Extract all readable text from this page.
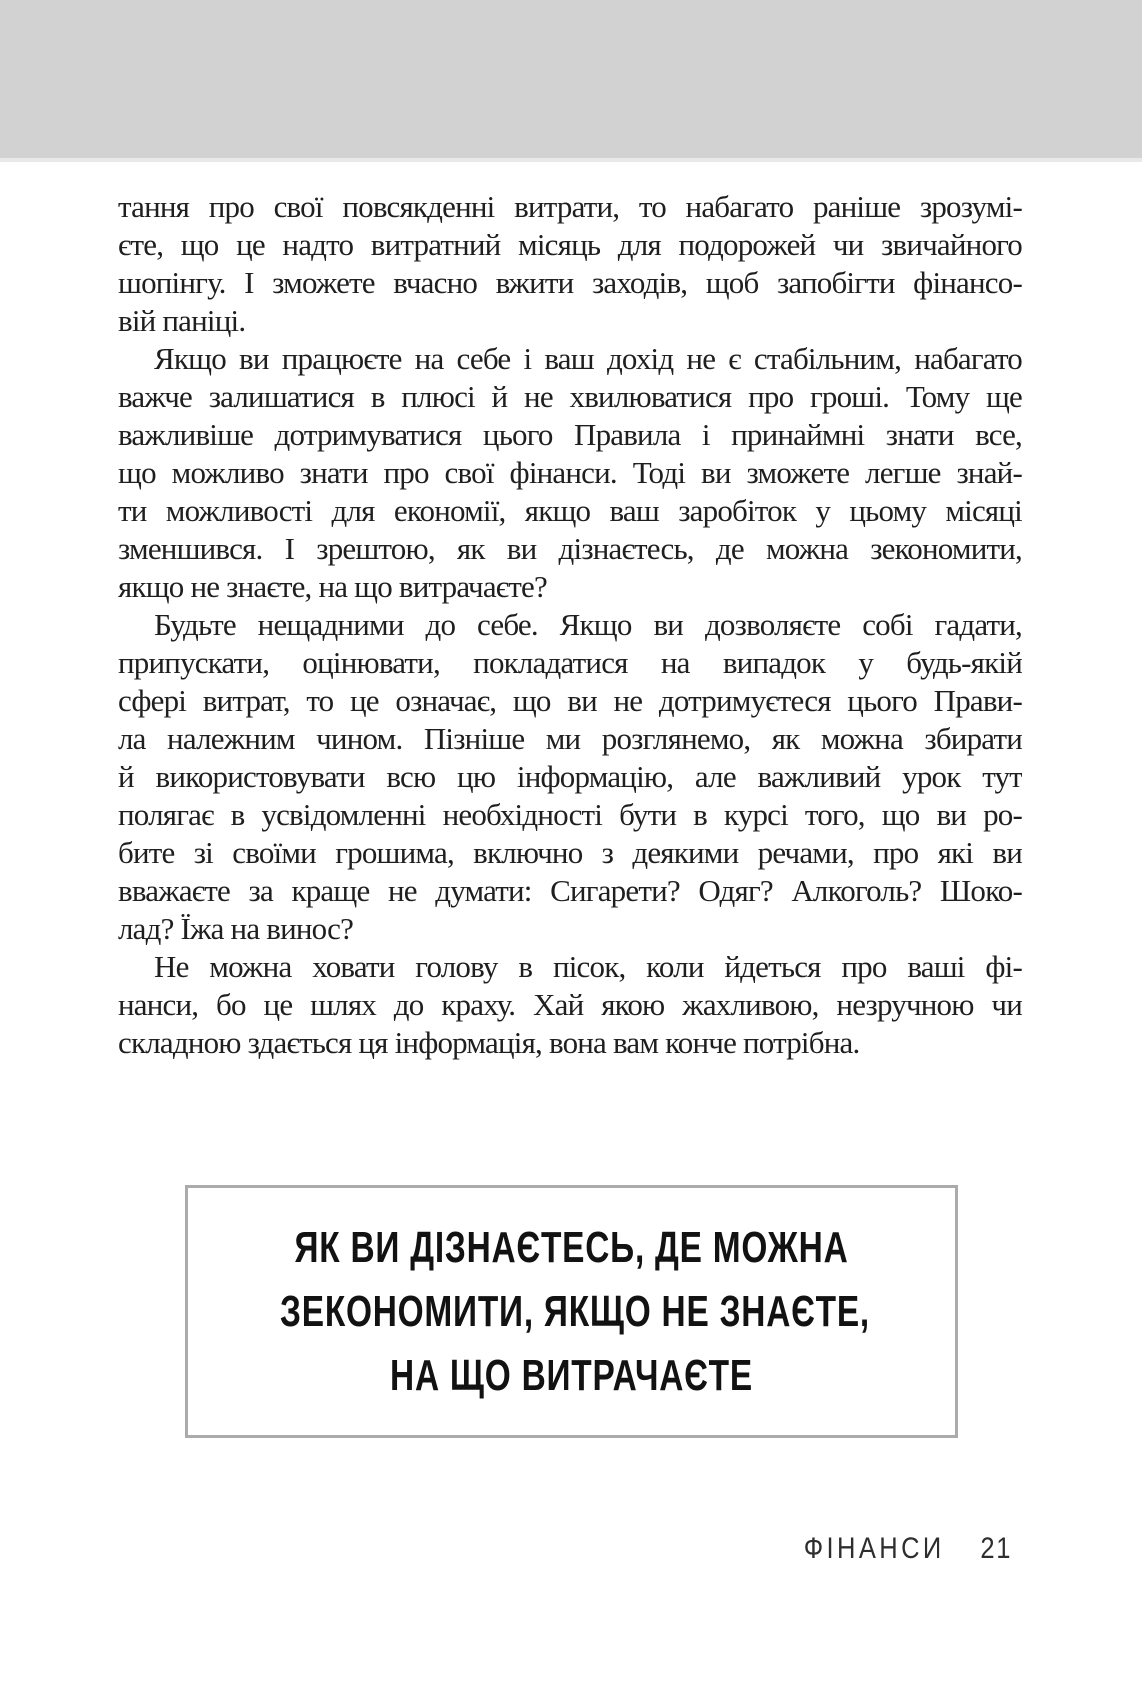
тання про свої повсякденні витрати, то набагато раніше зрозумі-
єте, що це надто витратний місяць для подорожей чи звичайного
шопінгу. І зможете вчасно вжити заходів, щоб запобігти фінансо-
вій паніці.
Якщо ви працюєте на себе і ваш дохід не є стабільним, набагато
важче залишатися в плюсі й не хвилюватися про гроші. Тому ще
важливіше дотримуватися цього Правила і принаймні знати все,
що можливо знати про свої фінанси. Тоді ви зможете легше знай-
ти можливості для економії, якщо ваш заробіток у цьому місяці
зменшився. І зрештою, як ви дізнаєтесь, де можна зекономити,
якщо не знаєте, на що витрачаєте?
Будьте нещадними до себе. Якщо ви дозволяєте собі гадати,
припускати, оцінювати, покладатися на випадок у будь-якій
сфері витрат, то це означає, що ви не дотримуєтеся цього Прави-
ла належним чином. Пізніше ми розглянемо, як можна збирати
й використовувати всю цю інформацію, але важливий урок тут
полягає в усвідомленні необхідності бути в курсі того, що ви ро-
бите зі своїми грошима, включно з деякими речами, про які ви
вважаєте за краще не думати: Сигарети? Одяг? Алкоголь? Шоко-
лад? Їжа на винос?
Не можна ховати голову в пісок, коли йдеться про ваші фі-
нанси, бо це шлях до краху. Хай якою жахливою, незручною чи
складною здається ця інформація, вона вам конче потрібна.
ЯК ВИ ДІЗНАЄТЕСЬ, ДЕ МОЖНА
ЗЕКОНОМИТИ, ЯКЩО НЕ ЗНАЄТЕ,
НА ЩО ВИТРАЧАЄТЕ
ФІНАНСИ 21
